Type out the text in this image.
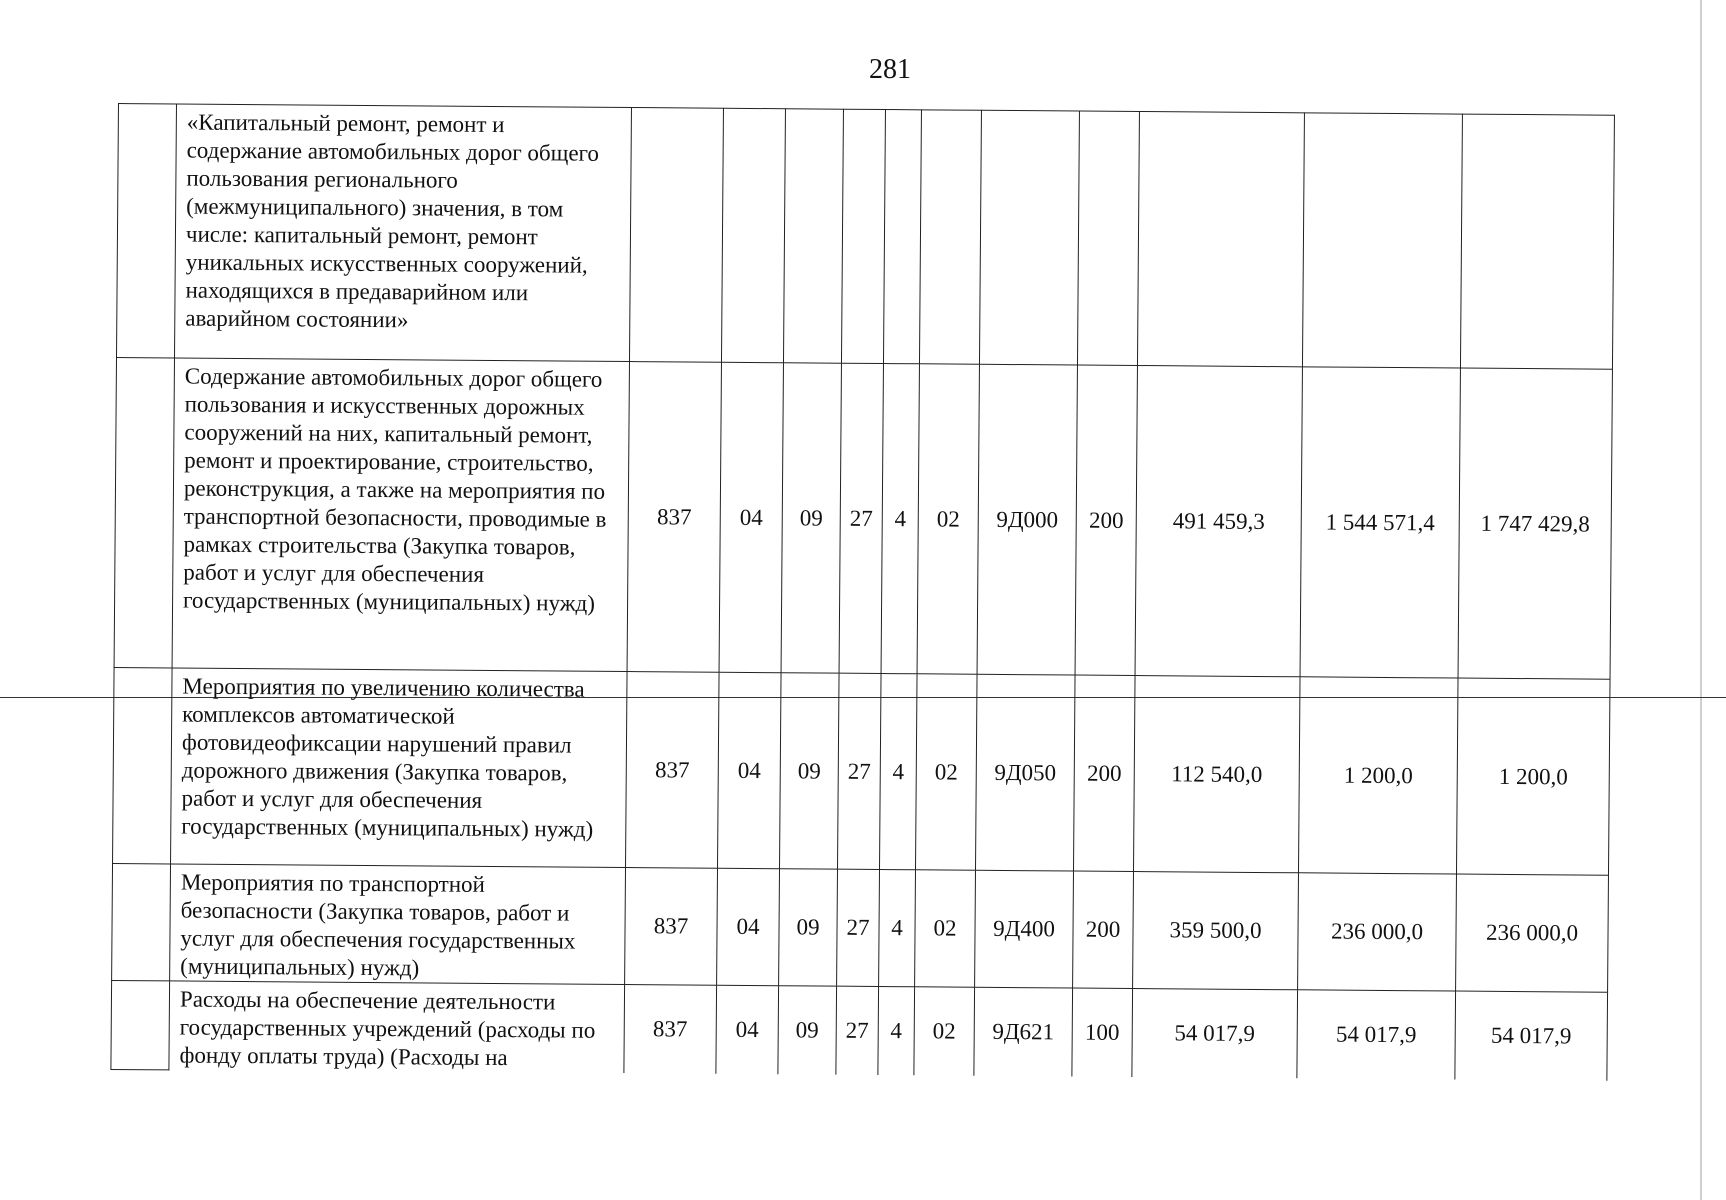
281
	«Капитальный ремонт, ремонт и содержание автомобильных дорог общего пользования регионального (межмуниципального) значения, в том числе: капитальный ремонт, ремонт уникальных искусственных сооружений, находящихся в предаварийном или аварийном состоянии»											
	Содержание автомобильных дорог общего пользования и искусственных дорожных сооружений на них, капитальный ремонт, ремонт и проектирование, строительство, реконструкция, а также на мероприятия по транспортной безопасности, проводимые в рамках строительства (Закупка товаров, работ и услуг для обеспечения государственных (муниципальных) нужд)	837	04	09	27	4	02	9Д000	200	491 459,3	1 544 571,4	1 747 429,8
	Мероприятия по увеличению количества комплексов автоматической фотовидеофиксации нарушений правил дорожного движения (Закупка товаров, работ и услуг для обеспечения государственных (муниципальных) нужд)	837	04	09	27	4	02	9Д050	200	112 540,0	1 200,0	1 200,0
	Мероприятия по транспортной безопасности (Закупка товаров, работ и услуг для обеспечения государственных (муниципальных) нужд)	837	04	09	27	4	02	9Д400	200	359 500,0	236 000,0	236 000,0
	Расходы на обеспечение деятельности государственных учреждений (расходы по фонду оплаты труда) (Расходы на	837	04	09	27	4	02	9Д621	100	54 017,9	54 017,9	54 017,9
